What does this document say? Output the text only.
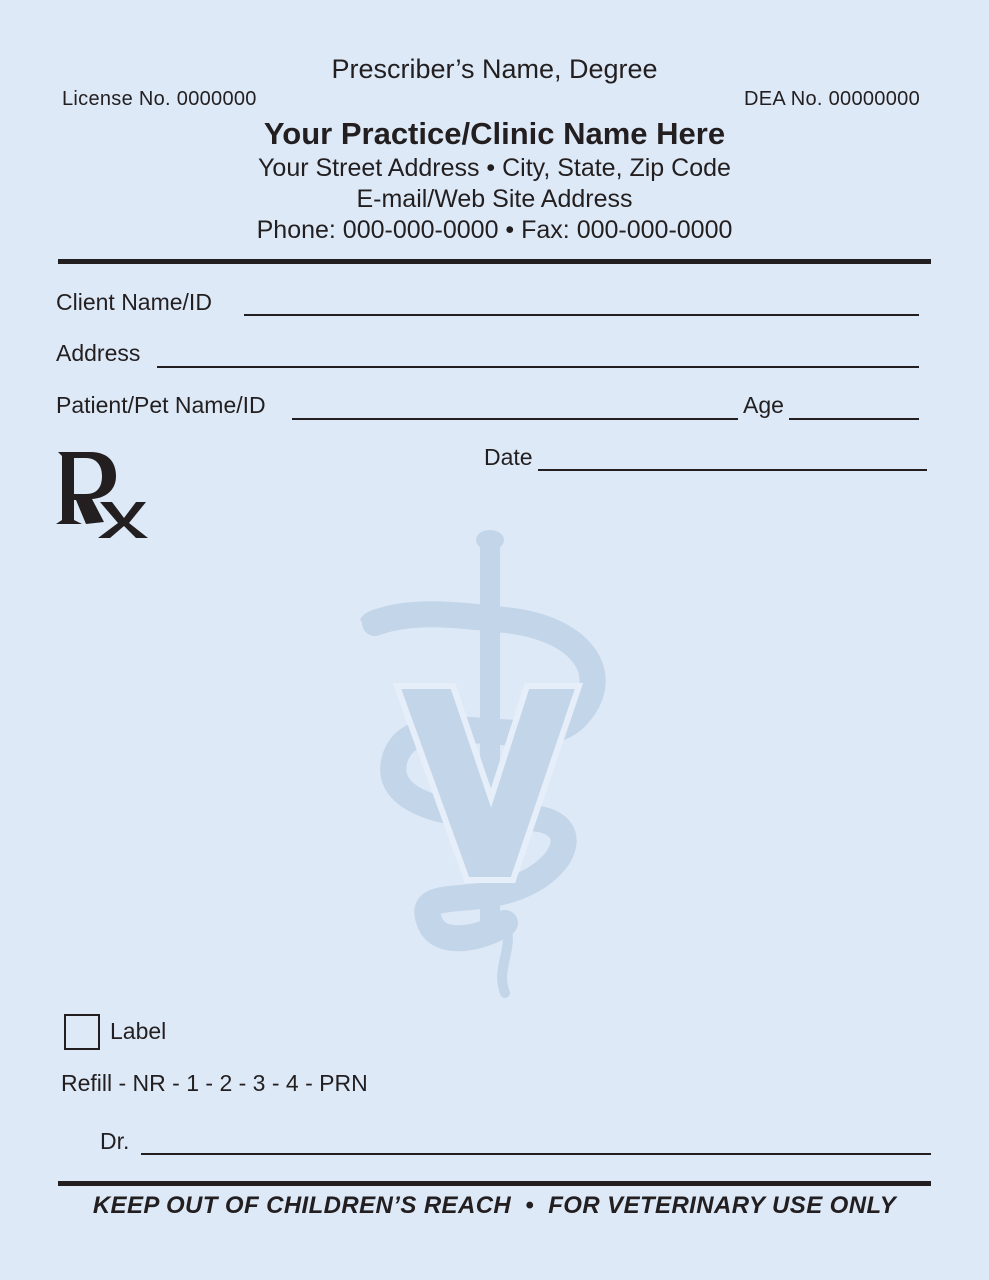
Prescriber’s Name, Degree
License No. 0000000	DEA No. 00000000
Your Practice/Clinic Name Here
Your Street Address • City, State, Zip Code
E-mail/Web Site Address
Phone: 000-000-0000 • Fax: 000-000-0000
Client Name/ID
Address
Patient/Pet Name/ID	Age
Date
Label
Refill - NR - 1 - 2 - 3 - 4 - PRN
Dr.
KEEP OUT OF CHILDREN’S REACH  •  FOR VETERINARY USE ONLY
